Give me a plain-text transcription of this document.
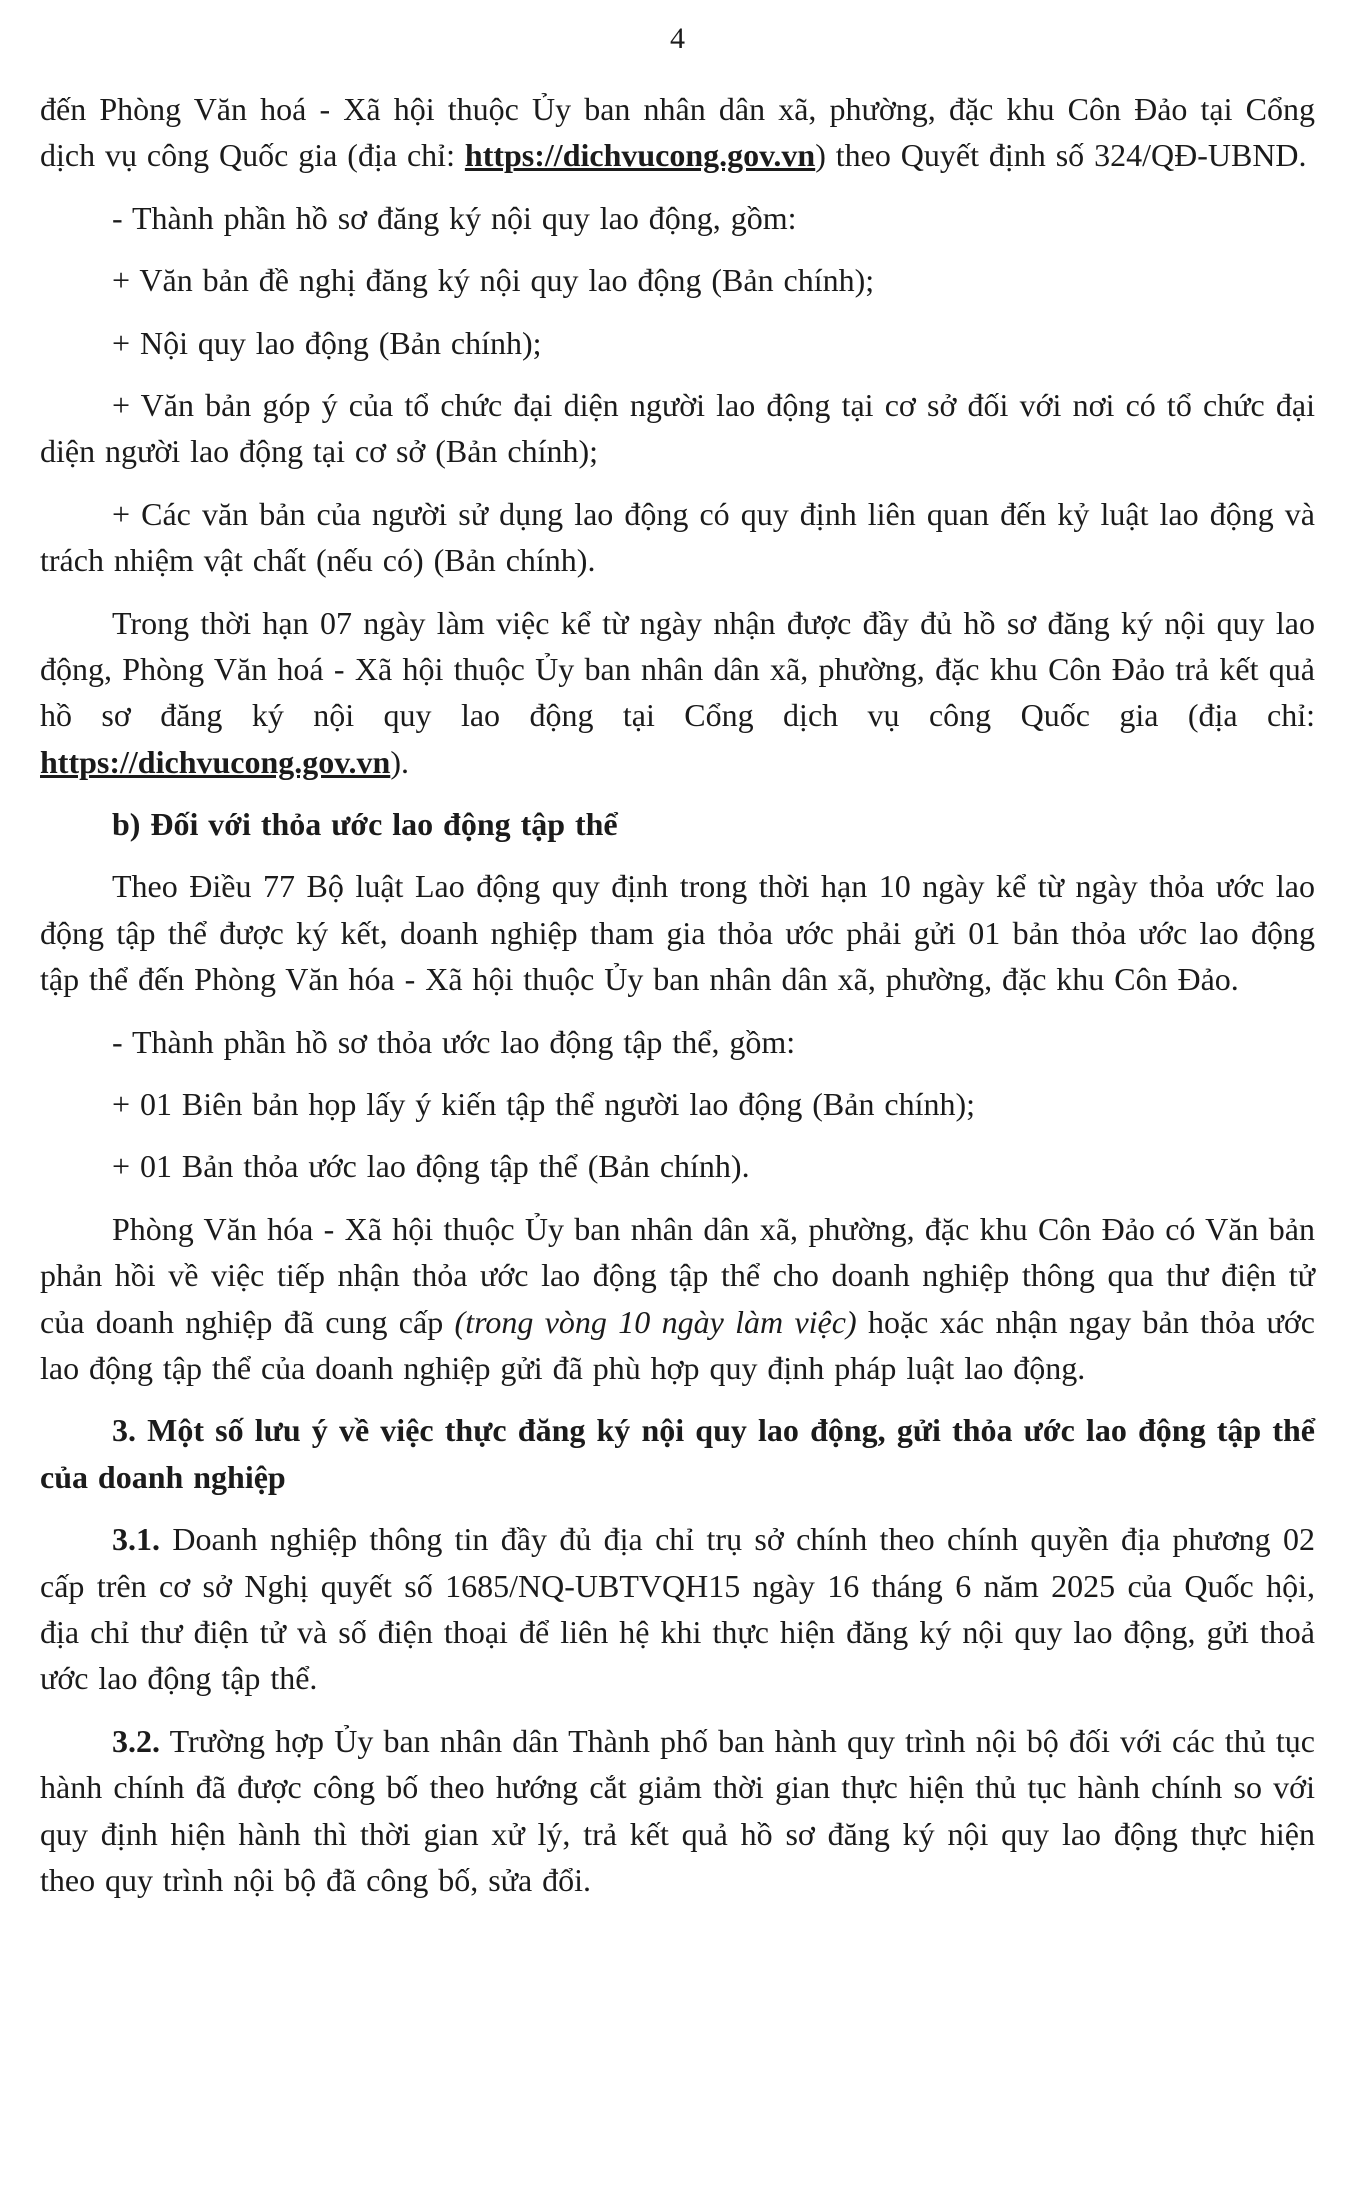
4

đến Phòng Văn hoá - Xã hội thuộc Ủy ban nhân dân xã, phường, đặc khu Côn Đảo tại Cổng dịch vụ công Quốc gia (địa chỉ: https://dichvucong.gov.vn) theo Quyết định số 324/QĐ-UBND.

- Thành phần hồ sơ đăng ký nội quy lao động, gồm:

+ Văn bản đề nghị đăng ký nội quy lao động (Bản chính);

+ Nội quy lao động (Bản chính);

+ Văn bản góp ý của tổ chức đại diện người lao động tại cơ sở đối với nơi có tổ chức đại diện người lao động tại cơ sở (Bản chính);

+ Các văn bản của người sử dụng lao động có quy định liên quan đến kỷ luật lao động và trách nhiệm vật chất (nếu có) (Bản chính).

Trong thời hạn 07 ngày làm việc kể từ ngày nhận được đầy đủ hồ sơ đăng ký nội quy lao động, Phòng Văn hoá - Xã hội thuộc Ủy ban nhân dân xã, phường, đặc khu Côn Đảo trả kết quả hồ sơ đăng ký nội quy lao động tại Cổng dịch vụ công Quốc gia (địa chỉ: https://dichvucong.gov.vn).

b) Đối với thỏa ước lao động tập thể

Theo Điều 77 Bộ luật Lao động quy định trong thời hạn 10 ngày kể từ ngày thỏa ước lao động tập thể được ký kết, doanh nghiệp tham gia thỏa ước phải gửi 01 bản thỏa ước lao động tập thể đến Phòng Văn hóa - Xã hội thuộc Ủy ban nhân dân xã, phường, đặc khu Côn Đảo.

- Thành phần hồ sơ thỏa ước lao động tập thể, gồm:

+ 01 Biên bản họp lấy ý kiến tập thể người lao động (Bản chính);

+ 01 Bản thỏa ước lao động tập thể (Bản chính).

Phòng Văn hóa - Xã hội thuộc Ủy ban nhân dân xã, phường, đặc khu Côn Đảo có Văn bản phản hồi về việc tiếp nhận thỏa ước lao động tập thể cho doanh nghiệp thông qua thư điện tử của doanh nghiệp đã cung cấp (trong vòng 10 ngày làm việc) hoặc xác nhận ngay bản thỏa ước lao động tập thể của doanh nghiệp gửi đã phù hợp quy định pháp luật lao động.

3. Một số lưu ý về việc thực đăng ký nội quy lao động, gửi thỏa ước lao động tập thể của doanh nghiệp

3.1. Doanh nghiệp thông tin đầy đủ địa chỉ trụ sở chính theo chính quyền địa phương 02 cấp trên cơ sở Nghị quyết số 1685/NQ-UBTVQH15 ngày 16 tháng 6 năm 2025 của Quốc hội, địa chỉ thư điện tử và số điện thoại để liên hệ khi thực hiện đăng ký nội quy lao động, gửi thoả ước lao động tập thể.

3.2. Trường hợp Ủy ban nhân dân Thành phố ban hành quy trình nội bộ đối với các thủ tục hành chính đã được công bố theo hướng cắt giảm thời gian thực hiện thủ tục hành chính so với quy định hiện hành thì thời gian xử lý, trả kết quả hồ sơ đăng ký nội quy lao động thực hiện theo quy trình nội bộ đã công bố, sửa đổi.
